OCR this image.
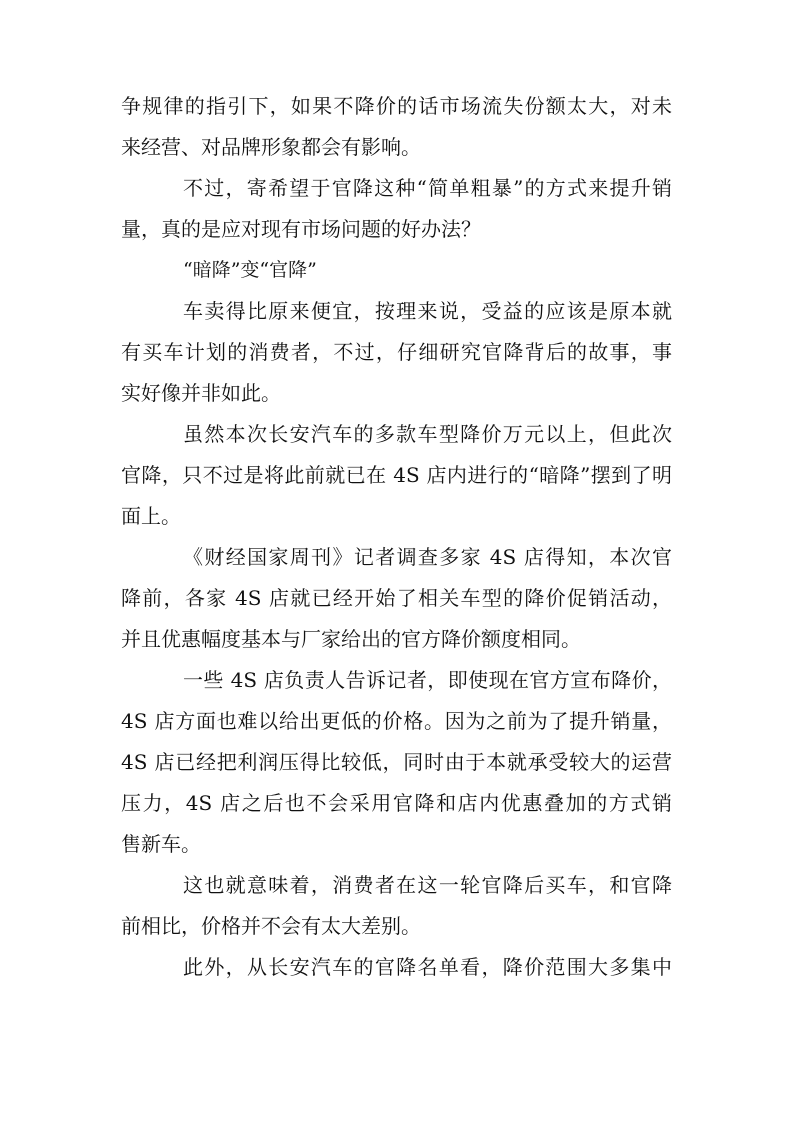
争规律的指引下，如果不降价的话市场流失份额太大，对未
来经营、对品牌形象都会有影响。
不过，寄希望于官降这种“简单粗暴”的方式来提升销
量，真的是应对现有市场问题的好办法？
“暗降”变“官降”
车卖得比原来便宜，按理来说，受益的应该是原本就
有买车计划的消费者，不过，仔细研究官降背后的故事，事
实好像并非如此。
虽然本次长安汽车的多款车型降价万元以上，但此次
官降，只不过是将此前就已在 4S 店内进行的“暗降”摆到了明
面上。
《财经国家周刊》记者调查多家 4S 店得知，本次官
降前，各家 4S 店就已经开始了相关车型的降价促销活动，
并且优惠幅度基本与厂家给出的官方降价额度相同。
一些 4S 店负责人告诉记者，即使现在官方宣布降价，
4S 店方面也难以给出更低的价格。因为之前为了提升销量，
4S 店已经把利润压得比较低，同时由于本就承受较大的运营
压力，4S 店之后也不会采用官降和店内优惠叠加的方式销
售新车。
这也就意味着，消费者在这一轮官降后买车，和官降
前相比，价格并不会有太大差别。
此外，从长安汽车的官降名单看，降价范围大多集中
